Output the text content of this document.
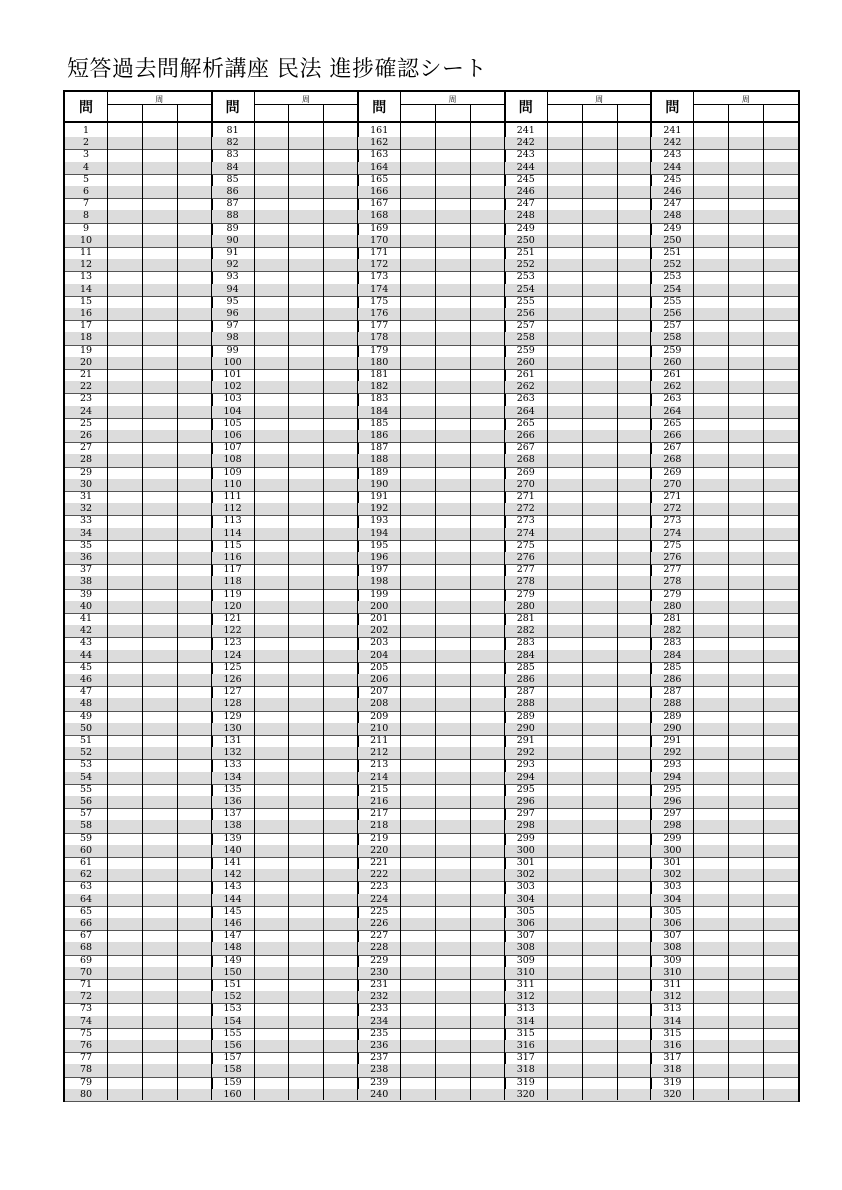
短答過去問解析講座 民法 進捗確認シート
問	周
1
2
3
4
5
6
7
8
9
10
11
12
13
14
15
16
17
18
19
20
21
22
23
24
25
26
27
28
29
30
31
32
33
34
35
36
37
38
39
40
41
42
43
44
45
46
47
48
49
50
51
52
53
54
55
56
57
58
59
60
61
62
63
64
65
66
67
68
69
70
71
72
73
74
75
76
77
78
79
80
問	周
81
82
83
84
85
86
87
88
89
90
91
92
93
94
95
96
97
98
99
100
101
102
103
104
105
106
107
108
109
110
111
112
113
114
115
116
117
118
119
120
121
122
123
124
125
126
127
128
129
130
131
132
133
134
135
136
137
138
139
140
141
142
143
144
145
146
147
148
149
150
151
152
153
154
155
156
157
158
159
160
問	周
161
162
163
164
165
166
167
168
169
170
171
172
173
174
175
176
177
178
179
180
181
182
183
184
185
186
187
188
189
190
191
192
193
194
195
196
197
198
199
200
201
202
203
204
205
206
207
208
209
210
211
212
213
214
215
216
217
218
219
220
221
222
223
224
225
226
227
228
229
230
231
232
233
234
235
236
237
238
239
240
問	周
241
242
243
244
245
246
247
248
249
250
251
252
253
254
255
256
257
258
259
260
261
262
263
264
265
266
267
268
269
270
271
272
273
274
275
276
277
278
279
280
281
282
283
284
285
286
287
288
289
290
291
292
293
294
295
296
297
298
299
300
301
302
303
304
305
306
307
308
309
310
311
312
313
314
315
316
317
318
319
320
問	周
241
242
243
244
245
246
247
248
249
250
251
252
253
254
255
256
257
258
259
260
261
262
263
264
265
266
267
268
269
270
271
272
273
274
275
276
277
278
279
280
281
282
283
284
285
286
287
288
289
290
291
292
293
294
295
296
297
298
299
300
301
302
303
304
305
306
307
308
309
310
311
312
313
314
315
316
317
318
319
320
